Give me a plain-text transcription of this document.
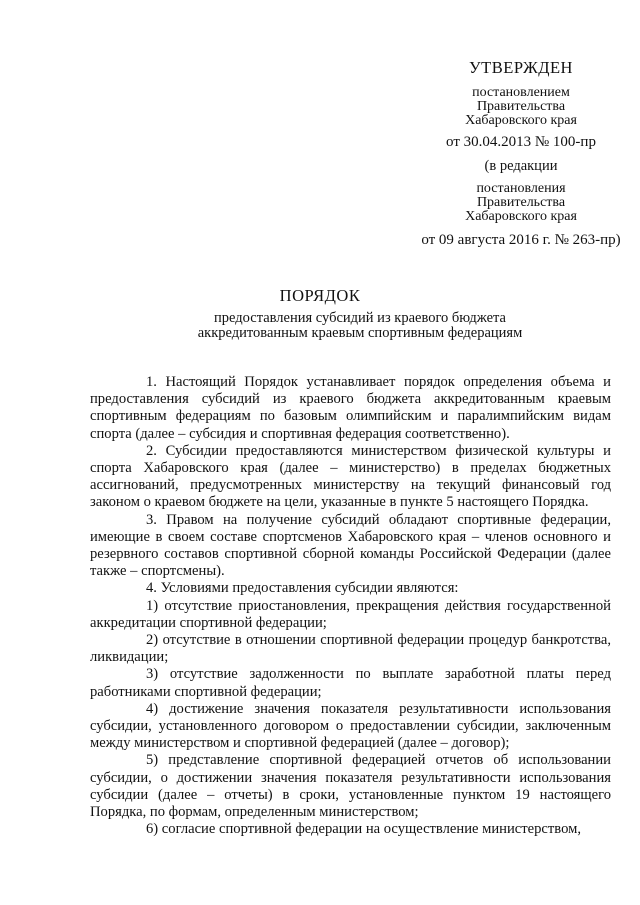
УТВЕРЖДЕН
постановлением
Правительства
Хабаровского края
от 30.04.2013 № 100-пр
(в редакции
постановления
Правительства
Хабаровского края
от 09 августа 2016 г. № 263-пр)
ПОРЯДОК
предоставления субсидий из краевого бюджета
аккредитованным краевым спортивным федерациям

1. Настоящий Порядок устанавливает порядок определения объема и предоставления субсидий из краевого бюджета аккредитованным краевым спортивным федерациям по базовым олимпийским и паралимпийским видам спорта (далее – субсидия и спортивная федерация соответственно).

2. Субсидии предоставляются министерством физической культуры и спорта Хабаровского края (далее – министерство) в пределах бюджетных ассигнований, предусмотренных министерству на текущий финансовый год законом о краевом бюджете на цели, указанные в пункте 5 настоящего Порядка.

3. Правом на получение субсидий обладают спортивные федерации, имеющие в своем составе спортсменов Хабаровского края – членов основного и резервного составов спортивной сборной команды Российской Федерации (далее также – спортсмены).

4. Условиями предоставления субсидии являются:

1) отсутствие приостановления, прекращения действия государственной аккредитации спортивной федерации;

2) отсутствие в отношении спортивной федерации процедур банкротства, ликвидации;

3) отсутствие задолженности по выплате заработной платы перед работниками спортивной федерации;

4) достижение значения показателя результативности использования субсидии, установленного договором о предоставлении субсидии, заключенным между министерством и спортивной федерацией (далее – договор);

5) представление спортивной федерацией отчетов об использовании субсидии, о достижении значения показателя результативности использования субсидии (далее – отчеты) в сроки, установленные пунктом 19 настоящего Порядка, по формам, определенным министерством;

6) согласие спортивной федерации на осуществление министерством,
